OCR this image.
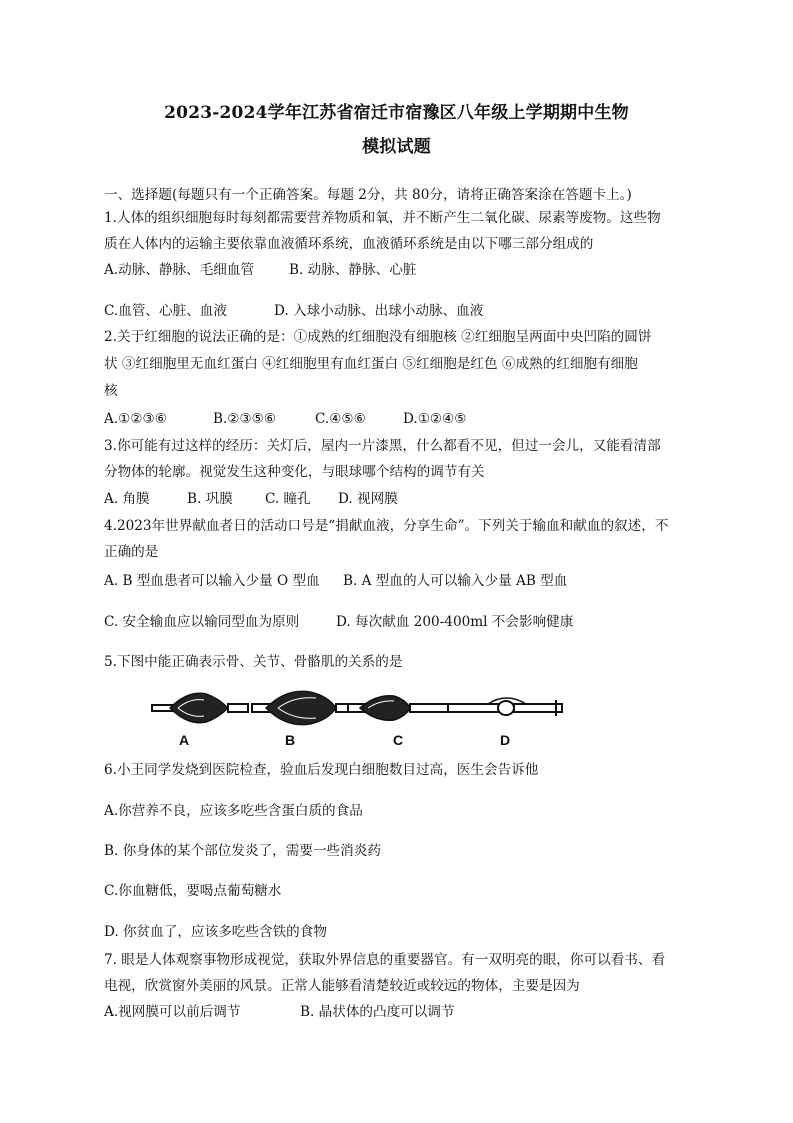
2023-2024学年江苏省宿迁市宿豫区八年级上学期期中生物
模拟试题
一、选择题(每题只有一个正确答案。每题 2分，共 80分，请将正确答案涂在答题卡上。)
1.人体的组织细胞每时每刻都需要营养物质和氧，并不断产生二氧化碳、尿素等废物。这些物
质在人体内的运输主要依靠血液循环系统，血液循环系统是由以下哪三部分组成的
A.动脉、静脉、毛细血管	B. 动脉、静脉、心脏
C.血管、心脏、血液	D. 入球小动脉、出球小动脉、血液
2.关于红细胞的说法正确的是：①成熟的红细胞没有细胞核 ②红细胞呈两面中央凹陷的圆饼
状 ③红细胞里无血红蛋白 ④红细胞里有血红蛋白 ⑤红细胞是红色 ⑥成熟的红细胞有细胞
核
A.①②③⑥	B.②③⑤⑥	C.④⑤⑥	D.①②④⑤
3.你可能有过这样的经历：关灯后，屋内一片漆黑，什么都看不见，但过一会儿，又能看清部
分物体的轮廓。视觉发生这种变化，与眼球哪个结构的调节有关
A. 角膜	B. 巩膜 C. 瞳孔 D. 视网膜
4.2023年世界献血者日的活动口号是“捐献血液，分享生命”。下列关于输血和献血的叙述，不
正确的是
A. B 型血患者可以输入少量 O 型血 B. A 型血的人可以输入少量 AB 型血
C. 安全输血应以输同型血为原则	D. 每次献血 200-400ml 不会影响健康
5.下图中能正确表示骨、关节、骨骼肌的关系的是
A	B	C	D
6.小王同学发烧到医院检查，验血后发现白细胞数目过高，医生会告诉他
A.你营养不良，应该多吃些含蛋白质的食品
B. 你身体的某个部位发炎了，需要一些消炎药
C.你血糖低，要喝点葡萄糖水
D. 你贫血了，应该多吃些含铁的食物
7. 眼是人体观察事物形成视觉，获取外界信息的重要器官。有一双明亮的眼，你可以看书、看
电视，欣赏窗外美丽的风景。正常人能够看清楚较近或较远的物体，主要是因为
A.视网膜可以前后调节	B. 晶状体的凸度可以调节
